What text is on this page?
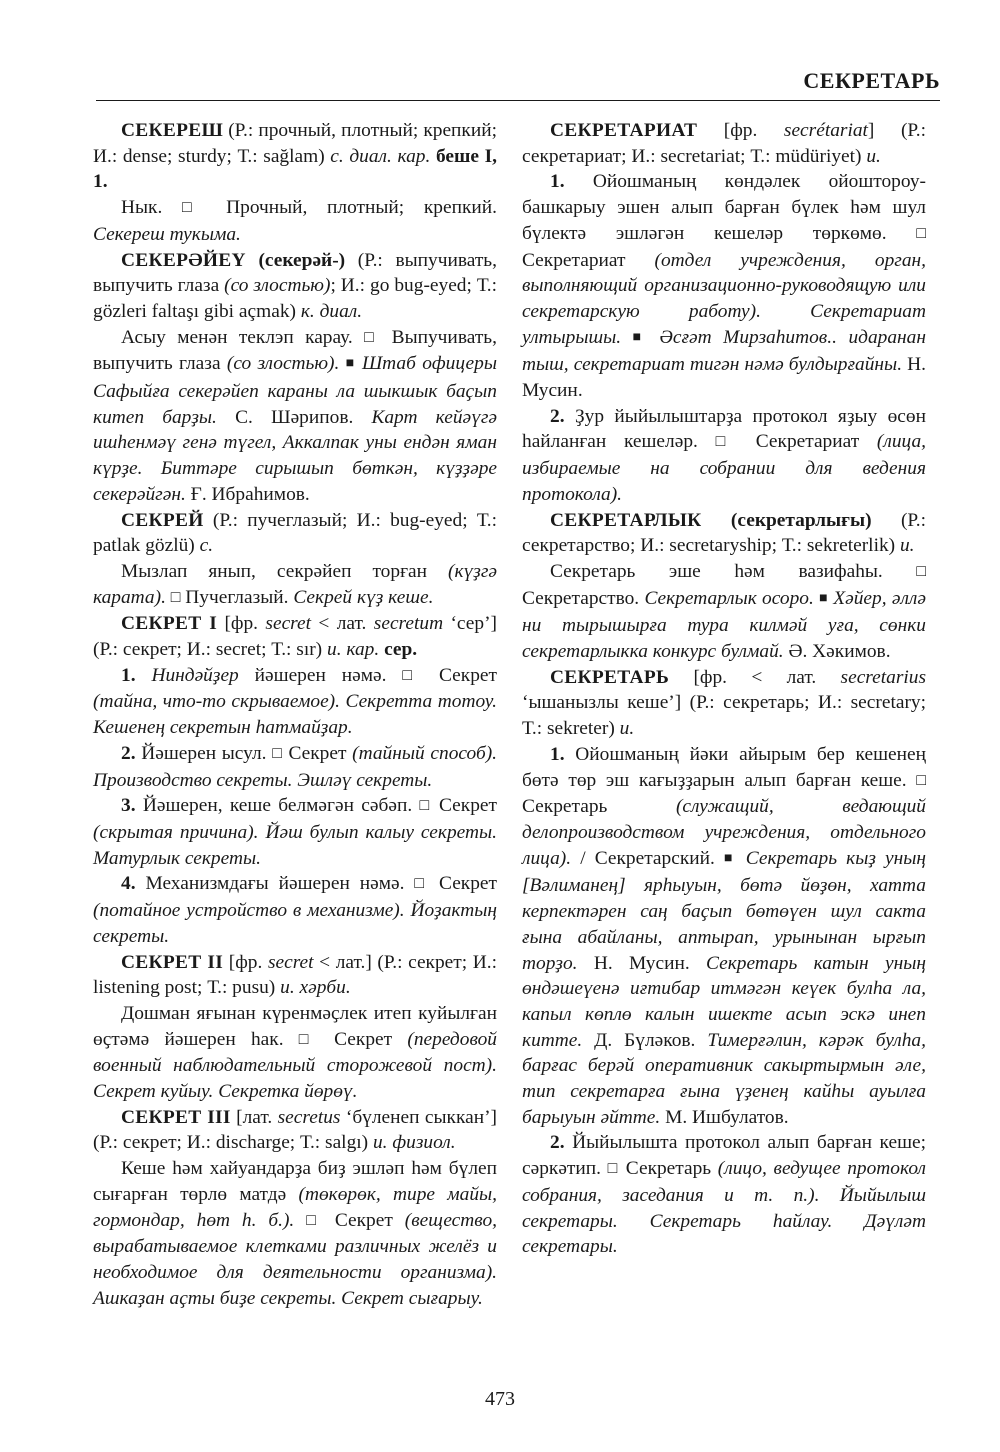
СЕКРЕТАРЬ

СЕКЕРЕШ (Р.: прочный, плотный; крепкий; И.: dense; sturdy; Т.: sağlam) с. диал. кар. беше I, 1.

Нык. □ Прочный, плотный; крепкий. Секереш тукыма.

СЕКЕРӘЙЕҮ (секерәй-) (Р.: выпучивать, выпучить глаза (со злостью); И.: go bug-eyed; Т.: gözleri faltaşı gibi açmak) к. диал.

Асыу менән теклэп карау. □ Выпучивать, выпучить глаза (со злостью). ■ Штаб офицеры Сафыйға секерәйеп караны ла шыкшык баҫып китеп барҙы. С. Шәрипов. Карт кейәүгә ишһенмәү генә түгел, Аккалпак уны ендән яман күрҙе. Биттәре сирышып бөткән, күҙҙәре секерәйгән. Ғ. Ибраһимов.

СЕКРЕЙ (Р.: пучеглазый; И.: bug-eyed; Т.: patlak gözlü) с.

Мызлап янып, секрәйеп торған (күҙгә карата). □ Пучеглазый. Секрей күҙ кеше.

СЕКРЕТ I [фр. secret < лат. secretum ‘сер’] (Р.: секрет; И.: secret; Т.: sır) и. кар. сер.

1. Ниндәйҙер йәшерен нәмә. □ Секрет (тайна, что-то скрываемое). Секретта тотоу. Кешенең секретын һатмайҙар.

2. Йәшерен ысул. □ Секрет (тайный способ). Производство секреты. Эшләү секреты.

3. Йәшерен, кеше белмәгән сәбәп. □ Секрет (скрытая причина). Йәш булып калыу секреты. Матурлык секреты.

4. Механизмдағы йәшерен нәмә. □ Секрет (потайное устройство в механизме). Йоҙактың секреты.

СЕКРЕТ II [фр. secret < лат.] (Р.: секрет; И.: listening post; Т.: pusu) и. хәрби.

Дошман яғынан күренмәҫлек итеп куйылған өҫтәмә йәшерен һак. □ Секрет (передовой военный наблюдательный сторожевой пост). Секрет куйыу. Секретка йөрөү.

СЕКРЕТ III [лат. secretus ‘бүленеп сыккан’] (Р.: секрет; И.: discharge; Т.: salgı) и. физиол.

Кеше һәм хайуандарҙа биҙ эшләп һәм бүлеп сығарған төрлө матдә (төкөрөк, тире майы, гормондар, һөт һ. б.). □ Секрет (вещество, вырабатываемое клетками различных желёз и необходимое для деятельности организма). Ашкаҙан аҫты биҙе секреты. Секрет сығарыу.

СЕКРЕТАРИАТ [фр. secrétariat] (Р.: секретариат; И.: secretariat; Т.: müdüriyet) и.

1. Ойошманың көндәлек ойоштороу-башкарыу эшен алып барған бүлек һәм шул бүлектә эшләгән кешеләр төркөмө. □ Секретариат (отдел учреждения, орган, выполняющий организационно-руководящую или секретарскую работу). Секретариат ултырышы. ■ Әсғәт Мирзаһитов.. идаранан тыш, секретариат тигән нәмә булдырғайны. Н. Мусин.

2. Ҙур йыйылыштарҙа протокол яҙыу өсөн һайланған кешеләр. □ Секретариат (лица, избираемые на собрании для ведения протокола).

СЕКРЕТАРЛЫК (секретарлығы) (Р.: секретарство; И.: secretaryship; Т.: sekreterlik) и.

Секретарь эше һәм вазифаһы. □ Секретарство. Секретарлык осоро. ■ Хәйер, әллә ни тырышырға тура килмәй уға, сөнки секретарлыкка конкурс булмай. Ә. Хәкимов.

СЕКРЕТАРЬ [фр. < лат. secretarius ‘ышанызлы кеше’] (Р.: секретарь; И.: secretary; Т.: sekreter) и.

1. Ойошманың йәки айырым бер кешенең бөтә төр эш кағыҙҙарын алып барған кеше. □ Секретарь (служащий, ведающий делопроизводством учреждения, отдельного лица). / Секретарский. ■ Секретарь кыҙ уның [Вәлиманең] ярһыуын, бөтә йөҙөн, хатта керпектәрен саң баҫып бөтөүен шул сакта ғына абайланы, аптырап, урынынан ырғып торҙо. Н. Мусин. Секретарь катын уның өндәшеүенә иғтибар итмәгән кеүек булһа ла, капыл көплө калын ишекте асып эскә инеп китте. Д. Бүләков. Тимерғәлин, кәрәк булһа, барғас берәй оперативник сакыртырмын әле, тип секретарға ғына үҙенең кайһы ауылға барыуын әйтте. М. Ишбулатов.

2. Йыйылышта протокол алып барған кеше; сәркәтип. □ Секретарь (лицо, ведущее протокол собрания, заседания и т. п.). Йыйылыш секретары. Секретарь һайлау. Дәүләт секретары.

473
